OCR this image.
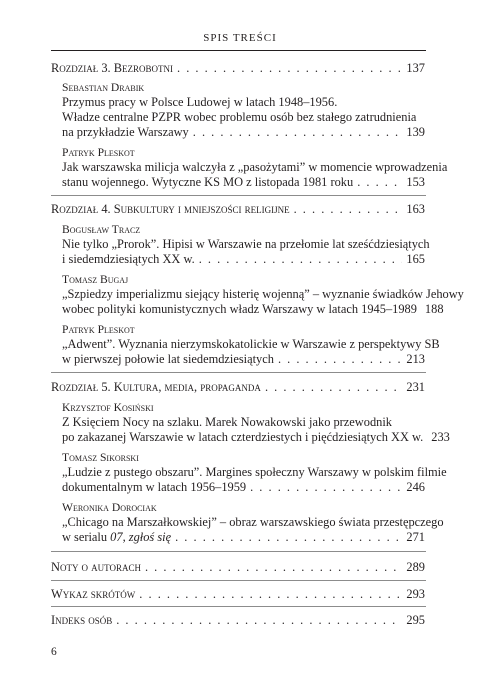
SPIS TREŚCI
Rozdział 3. Bezrobotni . . .	137
Sebastian Drabik
Przymus pracy w Polsce Ludowej w latach 1948–1956.
Władze centralne PZPR wobec problemu osób bez stałego zatrudnienia
na przykładzie Warszawy . . .	139
Patryk Pleskot
Jak warszawska milicja walczyła z „pasożytami” w momencie wprowadzenia
stanu wojennego. Wytyczne KS MO z listopada 1981 roku . . .	153
Rozdział 4. Subkultury i mniejszości religijne . . .	163
Bogusław Tracz
Nie tylko „Prorok”. Hipisi w Warszawie na przełomie lat sześćdziesiątych
i siedemdziesiątych XX w. . . .	165
Tomasz Bugaj
„Szpiedzy imperializmu siejący histerię wojenną” – wyznanie świadków Jehowy
wobec polityki komunistycznych władz Warszawy w latach 1945–1989 188
Patryk Pleskot
„Adwent”. Wyznania nierzymskokatolickie w Warszawie z perspektywy SB
w pierwszej połowie lat siedemdziesiątych . . .	213
Rozdział 5. Kultura, media, propaganda . . .	231
Krzysztof Kosiński
Z Księciem Nocy na szlaku. Marek Nowakowski jako przewodnik
po zakazanej Warszawie w latach czterdziestych i pięćdziesiątych XX w. 233
Tomasz Sikorski
„Ludzie z pustego obszaru”. Margines społeczny Warszawy w polskim filmie
dokumentalnym w latach 1956–1959 . . .	246
Weronika Dorociak
„Chicago na Marszałkowskiej” – obraz warszawskiego świata przestępczego
w serialu 07, zgłoś się . . .	271
Noty o autorach . . .	289
Wykaz skrótów . . .	293
Indeks osób . . .	295
6
